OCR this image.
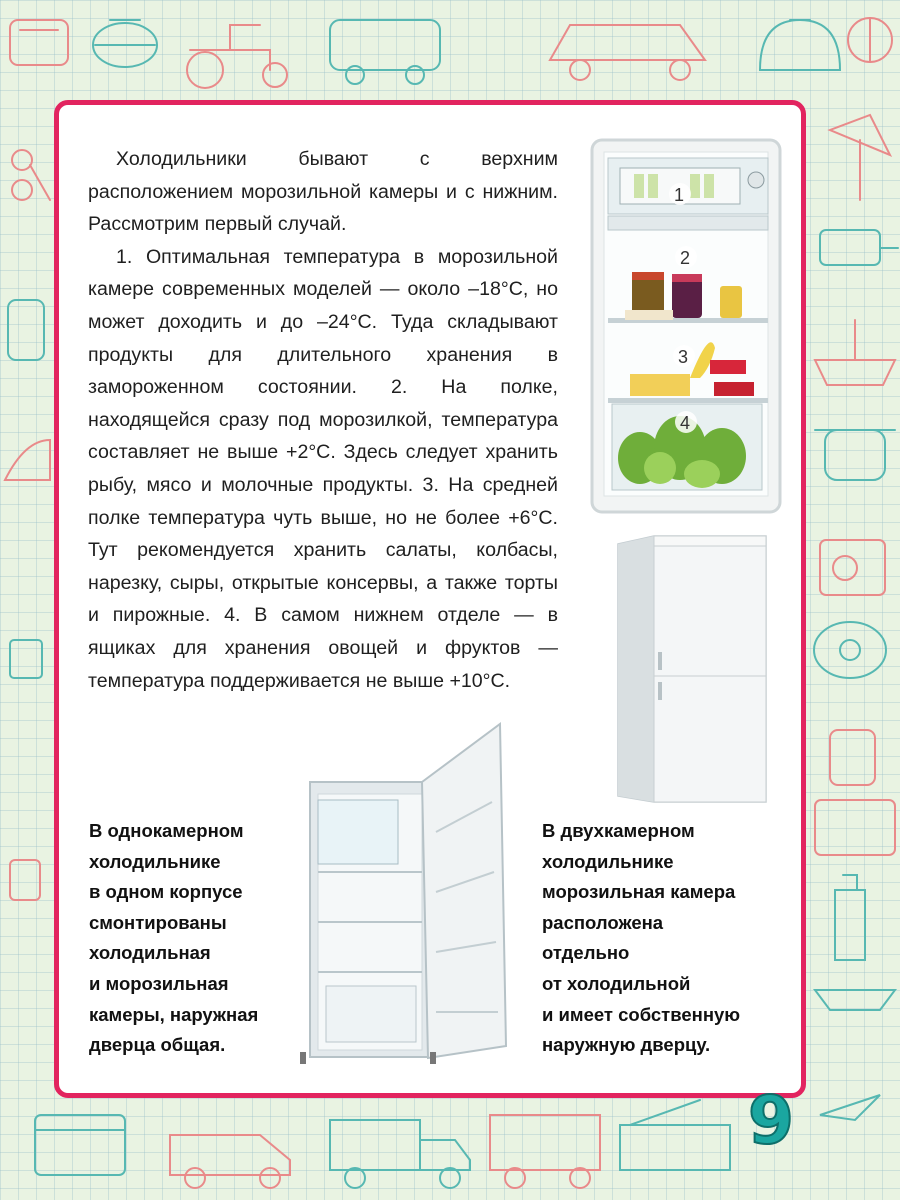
Холодильники бывают с верхним расположением морозильной камеры и с нижним. Рассмотрим первый случай.

1. Оптимальная температура в морозильной камере современных моделей — около –18°С, но может доходить и до –24°С. Туда складывают продукты для длительного хранения в замороженном состоянии. 2. На полке, находящейся сразу под морозилкой, температура составляет не выше +2°С. Здесь следует хранить рыбу, мясо и молочные продукты. 3. На средней полке температура чуть выше, но не более +6°С. Тут рекомендуется хранить салаты, колбасы, нарезку, сыры, открытые консервы, а также торты и пирожные. 4. В самом нижнем отделе — в ящиках для хранения овощей и фруктов — температура поддерживается не выше +10°С.

1
2
3
4
В однокамерном
холодильнике
в одном корпусе
смонтированы
холодильная
и морозильная
камеры, наружная
дверца общая.
В двухкамерном
холодильнике
морозильная камера
расположена
отдельно
от холодильной
и имеет собственную
наружную дверцу.
9
